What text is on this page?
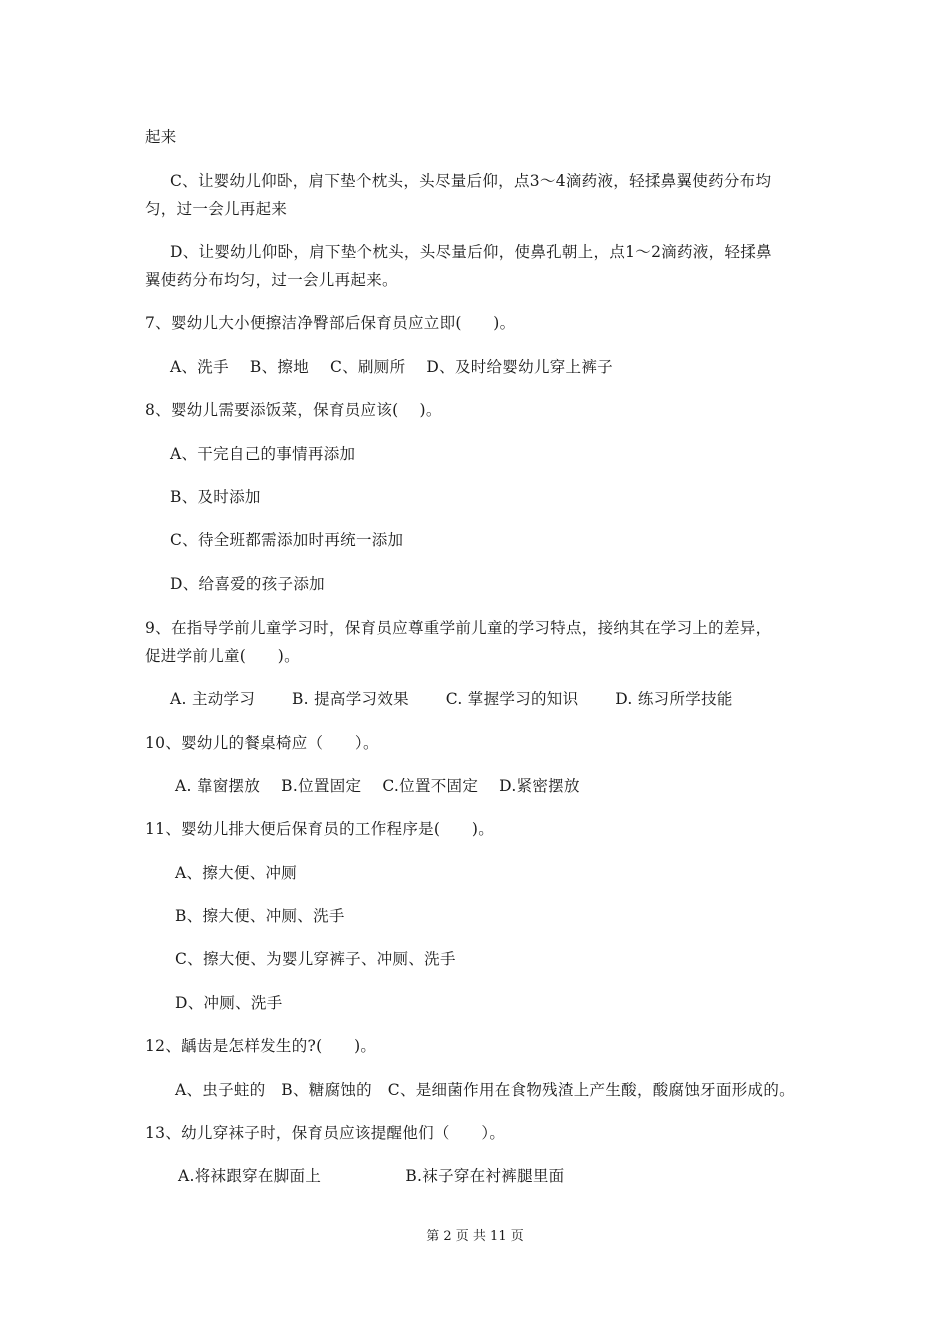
起来
C、让婴幼儿仰卧，肩下垫个枕头，头尽量后仰，点3～4滴药液，轻揉鼻翼使药分布均
匀，过一会儿再起来
D、让婴幼儿仰卧，肩下垫个枕头，头尽量后仰，使鼻孔朝上，点1～2滴药液，轻揉鼻
翼使药分布均匀，过一会儿再起来。
7、婴幼儿大小便擦洁净臀部后保育员应立即(　　)。
A、洗手　 B、擦地　 C、刷厕所　 D、及时给婴幼儿穿上裤子
8、婴幼儿需要添饭菜，保育员应该(　 )。
A、干完自己的事情再添加
B、及时添加
C、待全班都需添加时再统一添加
D、给喜爱的孩子添加
9、在指导学前儿童学习时，保育员应尊重学前儿童的学习特点，接纳其在学习上的差异，
促进学前儿童(　　)。
A. 主动学习　　 B. 提高学习效果　　 C. 掌握学习的知识　　 D. 练习所学技能
10、婴幼儿的餐桌椅应（　　）。
A. 靠窗摆放　 B.位置固定　 C.位置不固定　 D.紧密摆放
11、婴幼儿排大便后保育员的工作程序是(　　)。
A、擦大便、冲厕
B、擦大便、冲厕、洗手
C、擦大便、为婴儿穿裤子、冲厕、洗手
D、冲厕、洗手
12、龋齿是怎样发生的?(　　)。
A、虫子蛀的　B、糖腐蚀的　C、是细菌作用在食物残渣上产生酸，酸腐蚀牙面形成的。
13、幼儿穿袜子时，保育员应该提醒他们（　　）。
A.将袜跟穿在脚面上　　　　　 B.袜子穿在衬裤腿里面
第 2 页 共 11 页
